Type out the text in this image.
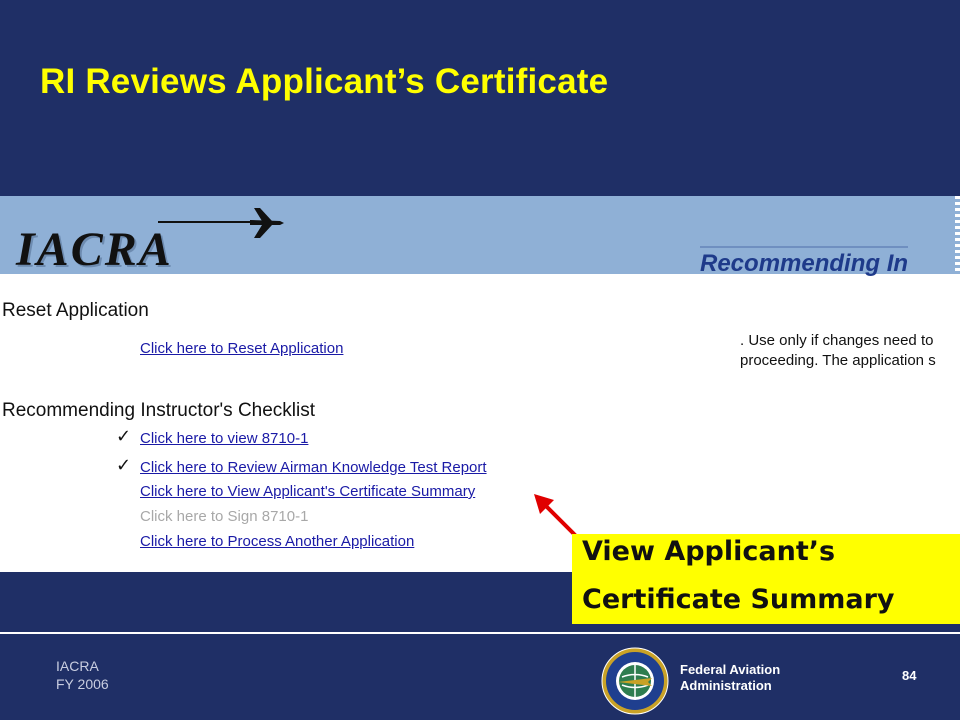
RI Reviews Applicant’s Certificate
IACRA	Recommending In
Reset Application
Click here to Reset Application	. Use only if changes need to
proceeding. The application s
Recommending Instructor's Checklist
✓ Click here to view 8710-1
✓ Click here to Review Airman Knowledge Test Report
Click here to View Applicant's Certificate Summary
Click here to Sign 8710-1
Click here to Process Another Application	View Applicant’s
Certificate Summary
IACRA
FY 2006
Federal Aviation
Administration
84
